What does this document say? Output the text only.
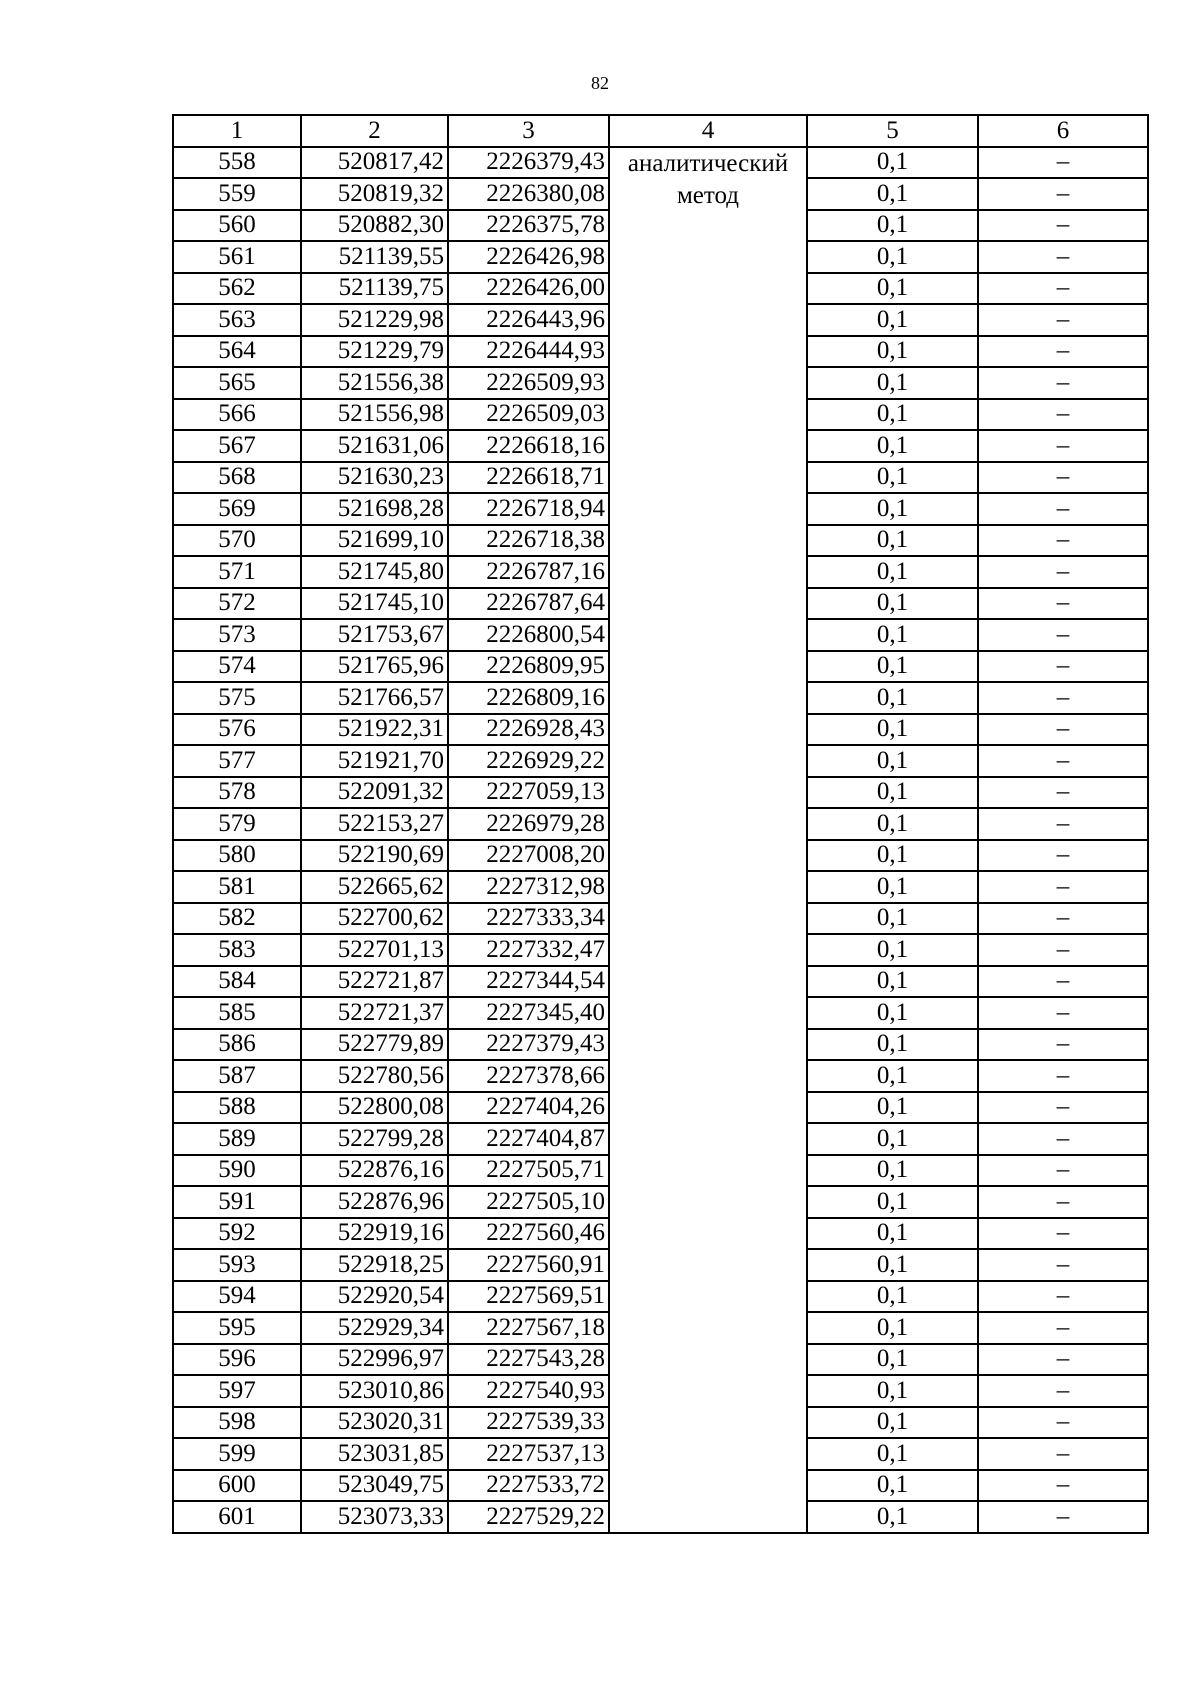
82
1	2	3	4	5	6
558	520817,42	2226379,43	аналитический метод	0,1	–
559	520819,32	2226380,08		0,1	–
560	520882,30	2226375,78		0,1	–
561	521139,55	2226426,98		0,1	–
562	521139,75	2226426,00		0,1	–
563	521229,98	2226443,96		0,1	–
564	521229,79	2226444,93		0,1	–
565	521556,38	2226509,93		0,1	–
566	521556,98	2226509,03		0,1	–
567	521631,06	2226618,16		0,1	–
568	521630,23	2226618,71		0,1	–
569	521698,28	2226718,94		0,1	–
570	521699,10	2226718,38		0,1	–
571	521745,80	2226787,16		0,1	–
572	521745,10	2226787,64		0,1	–
573	521753,67	2226800,54		0,1	–
574	521765,96	2226809,95		0,1	–
575	521766,57	2226809,16		0,1	–
576	521922,31	2226928,43		0,1	–
577	521921,70	2226929,22		0,1	–
578	522091,32	2227059,13		0,1	–
579	522153,27	2226979,28		0,1	–
580	522190,69	2227008,20		0,1	–
581	522665,62	2227312,98		0,1	–
582	522700,62	2227333,34		0,1	–
583	522701,13	2227332,47		0,1	–
584	522721,87	2227344,54		0,1	–
585	522721,37	2227345,40		0,1	–
586	522779,89	2227379,43		0,1	–
587	522780,56	2227378,66		0,1	–
588	522800,08	2227404,26		0,1	–
589	522799,28	2227404,87		0,1	–
590	522876,16	2227505,71		0,1	–
591	522876,96	2227505,10		0,1	–
592	522919,16	2227560,46		0,1	–
593	522918,25	2227560,91		0,1	–
594	522920,54	2227569,51		0,1	–
595	522929,34	2227567,18		0,1	–
596	522996,97	2227543,28		0,1	–
597	523010,86	2227540,93		0,1	–
598	523020,31	2227539,33		0,1	–
599	523031,85	2227537,13		0,1	–
600	523049,75	2227533,72		0,1	–
601	523073,33	2227529,22		0,1	–
